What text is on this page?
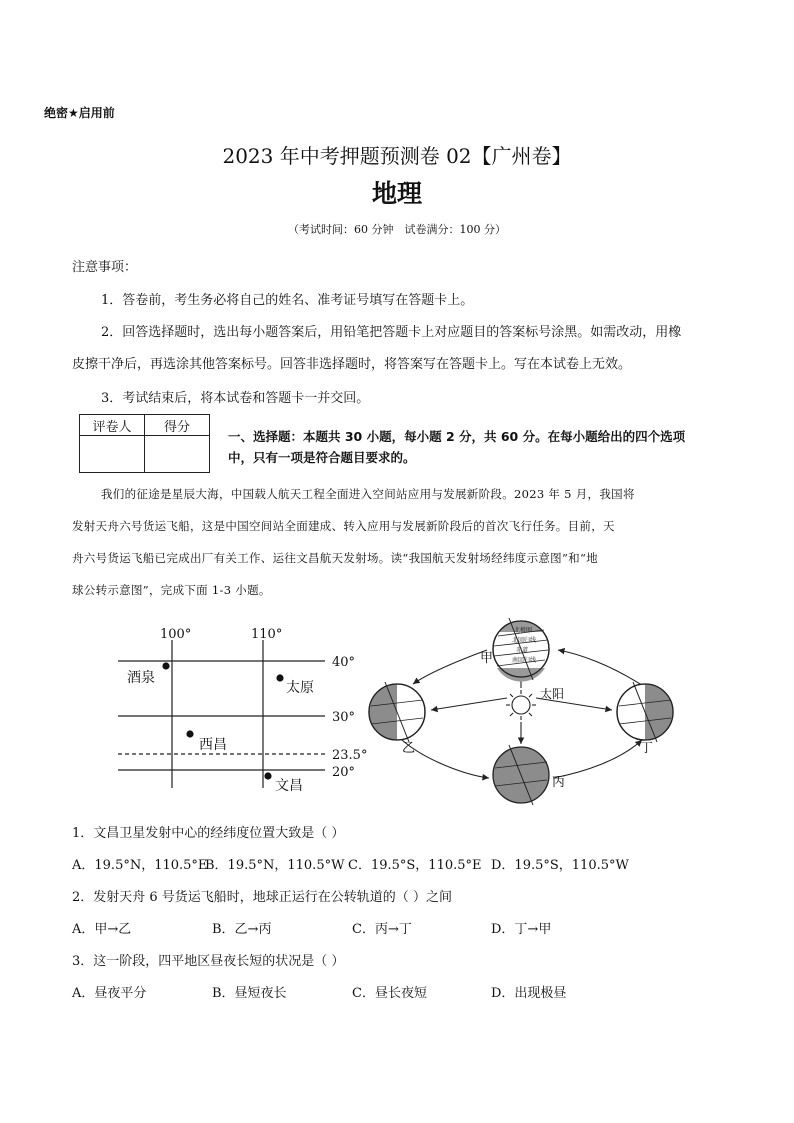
绝密★启用前
2023 年中考押题预测卷 02【广州卷】
地理
（考试时间：60 分钟　试卷满分：100 分）
注意事项：
1．答卷前，考生务必将自己的姓名、准考证号填写在答题卡上。
2．回答选择题时，选出每小题答案后，用铅笔把答题卡上对应题目的答案标号涂黑。如需改动，用橡
皮擦干净后，再选涂其他答案标号。回答非选择题时，将答案写在答题卡上。写在本试卷上无效。
3．考试结束后，将本试卷和答题卡一并交回。
评卷人	得分

一、选择题：本题共 30 小题，每小题 2 分，共 60 分。在每小题给出的四个选项
中，只有一项是符合题目要求的。
我们的征途是星辰大海，中国载人航天工程全面进入空间站应用与发展新阶段。2023 年 5 月，我国将
发射天舟六号货运飞船，这是中国空间站全面建成、转入应用与发展新阶段后的首次飞行任务。目前，天
舟六号货运飞船已完成出厂有关工作、运往文昌航天发射场。读“我国航天发射场经纬度示意图”和“地
球公转示意图”，完成下面 1-3 小题。
100°	110°
40°
30°
23.5°
20°
酒泉
太原
西昌
文昌
太阳
北极圈
北回归线
赤道
南回归线
甲
乙
丙
丁
1．文昌卫星发射中心的经纬度位置大致是（ ）
A．19.5°N，110.5°E
B．19.5°N，110.5°W C．19.5°S，110.5°E D．19.5°S，110.5°W
2．发射天舟 6 号货运飞船时，地球正运行在公转轨道的（ ）之间
A．甲→乙	B．乙→丙	C．丙→丁	D．丁→甲
3．这一阶段，四平地区昼夜长短的状况是（ ）
A．昼夜平分	B．昼短夜长	C．昼长夜短	D．出现极昼
